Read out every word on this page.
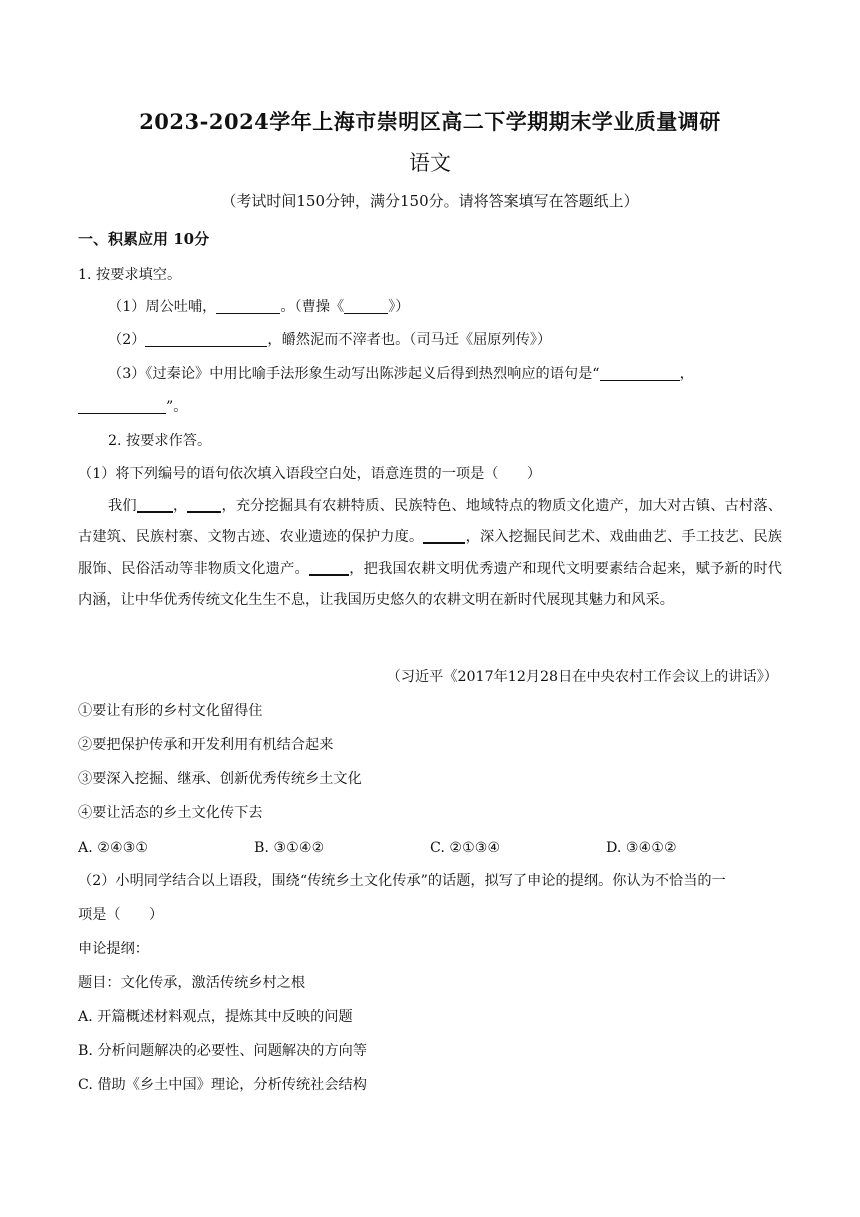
2023-2024学年上海市崇明区高二下学期期末学业质量调研
语文
（考试时间150分钟，满分150分。请将答案填写在答题纸上）
一、积累应用 10分
1. 按要求填空。
（1）周公吐哺，	。（曹操《	》）
（2）	，皭然泥而不滓者也。（司马迁《屈原列传》）
（3）《过秦论》中用比喻手法形象生动写出陈涉起义后得到热烈响应的语句是“	，
”。
2. 按要求作答。
（1）将下列编号的语句依次填入语段空白处，语意连贯的一项是（　　）
我们	， ，充分挖掘具有农耕特质、民族特色、地域特点的物质文化遗产，加大对古镇、古村落、古建筑、民族村寨、文物古迹、农业遗迹的保护力度。	，深入挖掘民间艺术、戏曲曲艺、手工技艺、民族服饰、民俗活动等非物质文化遗产。	，把我国农耕文明优秀遗产和现代文明要素结合起来，赋予新的时代内涵，让中华优秀传统文化生生不息，让我国历史悠久的农耕文明在新时代展现其魅力和风采。
（习近平《2017年12月28日在中央农村工作会议上的讲话》）
①要让有形的乡村文化留得住
②要把保护传承和开发利用有机结合起来
③要深入挖掘、继承、创新优秀传统乡土文化
④要让活态的乡土文化传下去
A. ②④③①	B. ③①④②	C. ②①③④	D. ③④①②
（2）小明同学结合以上语段，围绕“传统乡土文化传承”的话题，拟写了申论的提纲。你认为不恰当的一
项是（　　）
申论提纲：
题目：文化传承，激活传统乡村之根
A. 开篇概述材料观点，提炼其中反映的问题
B. 分析问题解决的必要性、问题解决的方向等
C. 借助《乡土中国》理论，分析传统社会结构
